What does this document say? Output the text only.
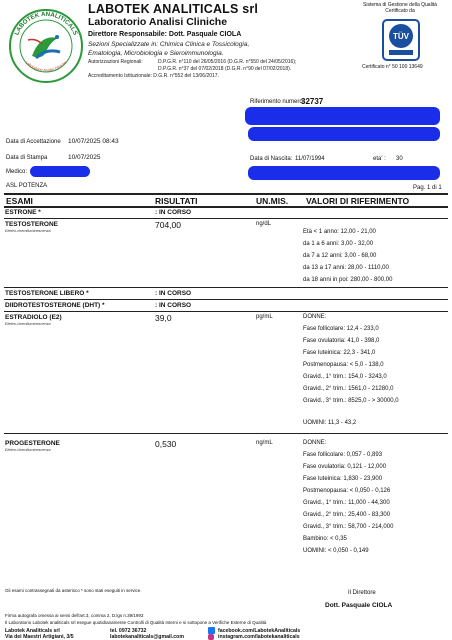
LABOTEK ANALITICALS
Laboratorio Analisi Cliniche
LABOTEK ANALITICALS srl
Laboratorio Analisi Cliniche
Direttore Responsabile: Dott. Pasquale CIOLA
Sezioni Specializzate in: Chimica Clinica e Tossicologia,
Ematologia, Microbiologia e Sieroimmunologia.
Autorizzazioni Regionali:	D.P.G.R. n°110 del 26/05/2016 (D.G.R. n°550 del 24/05/2016);
D.P.G.R. n°37 del 07/02/2018 (D.G.R. n°90 del 07/02/2018).
Accreditamento Istituzionale: D.G.R. n°552 del 13/06/2017.
Sistema di Gestione della Qualità Certificato da
TÜV
Certificato n° 50 100 13649
Riferimento numero:
32737
Data di Accettazione 10/07/2025 08:43
Data di Stampa	10/07/2025
Medico:
ASL POTENZA
Data di Nascita: 11/07/1994	eta' : 30
Pag. 1 di 1
ESAMI	RISULTATI	UN.MIS. VALORI DI RIFERIMENTO
ESTRONE *	: IN CORSO
TESTOSTERONE
Elettro-chemiluminescenza
704,00	ng/dL
Età < 1 anno: 12,00 - 21,00
da 1 a 6 anni: 3,00 - 32,00
da 7 a 12 anni: 3,00 - 68,00
da 13 a 17 anni: 28,00 - 1110,00
da 18 anni in poi: 280,00 - 800,00
TESTOSTERONE LIBERO *	: IN CORSO
DIIDROTESTOSTERONE (DHT) *	: IN CORSO
ESTRADIOLO (E2)
Elettro-chemiluminescenza
39,0	pg/mL	DONNE:
Fase follicolare: 12,4 - 233,0
Fase ovulatoria: 41,0 - 398,0
Fase luteinica: 22,3 - 341,0
Postmenopausa: < 5,0 - 138,0
Gravid., 1° trim.: 154,0 - 3243,0
Gravid., 2° trim.: 1561,0 - 21280,0
Gravid., 3° trim.: 8525,0 - > 30000,0
UOMINI: 11,3 - 43,2
PROGESTERONE
Elettro-chemiluminescenza
0,530	ng/mL	DONNE:
Fase follicolare: 0,057 - 0,893
Fase ovulatoria: 0,121 - 12,000
Fase luteinica: 1,830 - 23,900
Postmenopausa: < 0,050 - 0,126
Gravid., 1° trim.: 11,000 - 44,300
Gravid., 2° trim.: 25,400 - 83,300
Gravid., 3° trim.: 58,700 - 214,000
Bambino: < 0,35
UOMINI: < 0,050 - 0,149
Gli esami contrassegnati da asterisco * sono stati eseguiti in service.	Il Direttore
Dott. Pasquale CIOLA
Firma autografa omessa ai sensi dell'art.3, comma 2, D.lgs n.39/1993
Il Laboratorio Labotek analiticals srl esegue quotidianamente Controlli di Qualità Interni e si sottopone a Verifiche Esterne di Qualità
Labotek Analiticals srl	tel. 0972 36732	facebook.com/LabotekAnaliticals
Via dei Maestri Artigiani, 3/5	labotekanaliticals@gmail.com	instagram.com/labotekanaliticals
